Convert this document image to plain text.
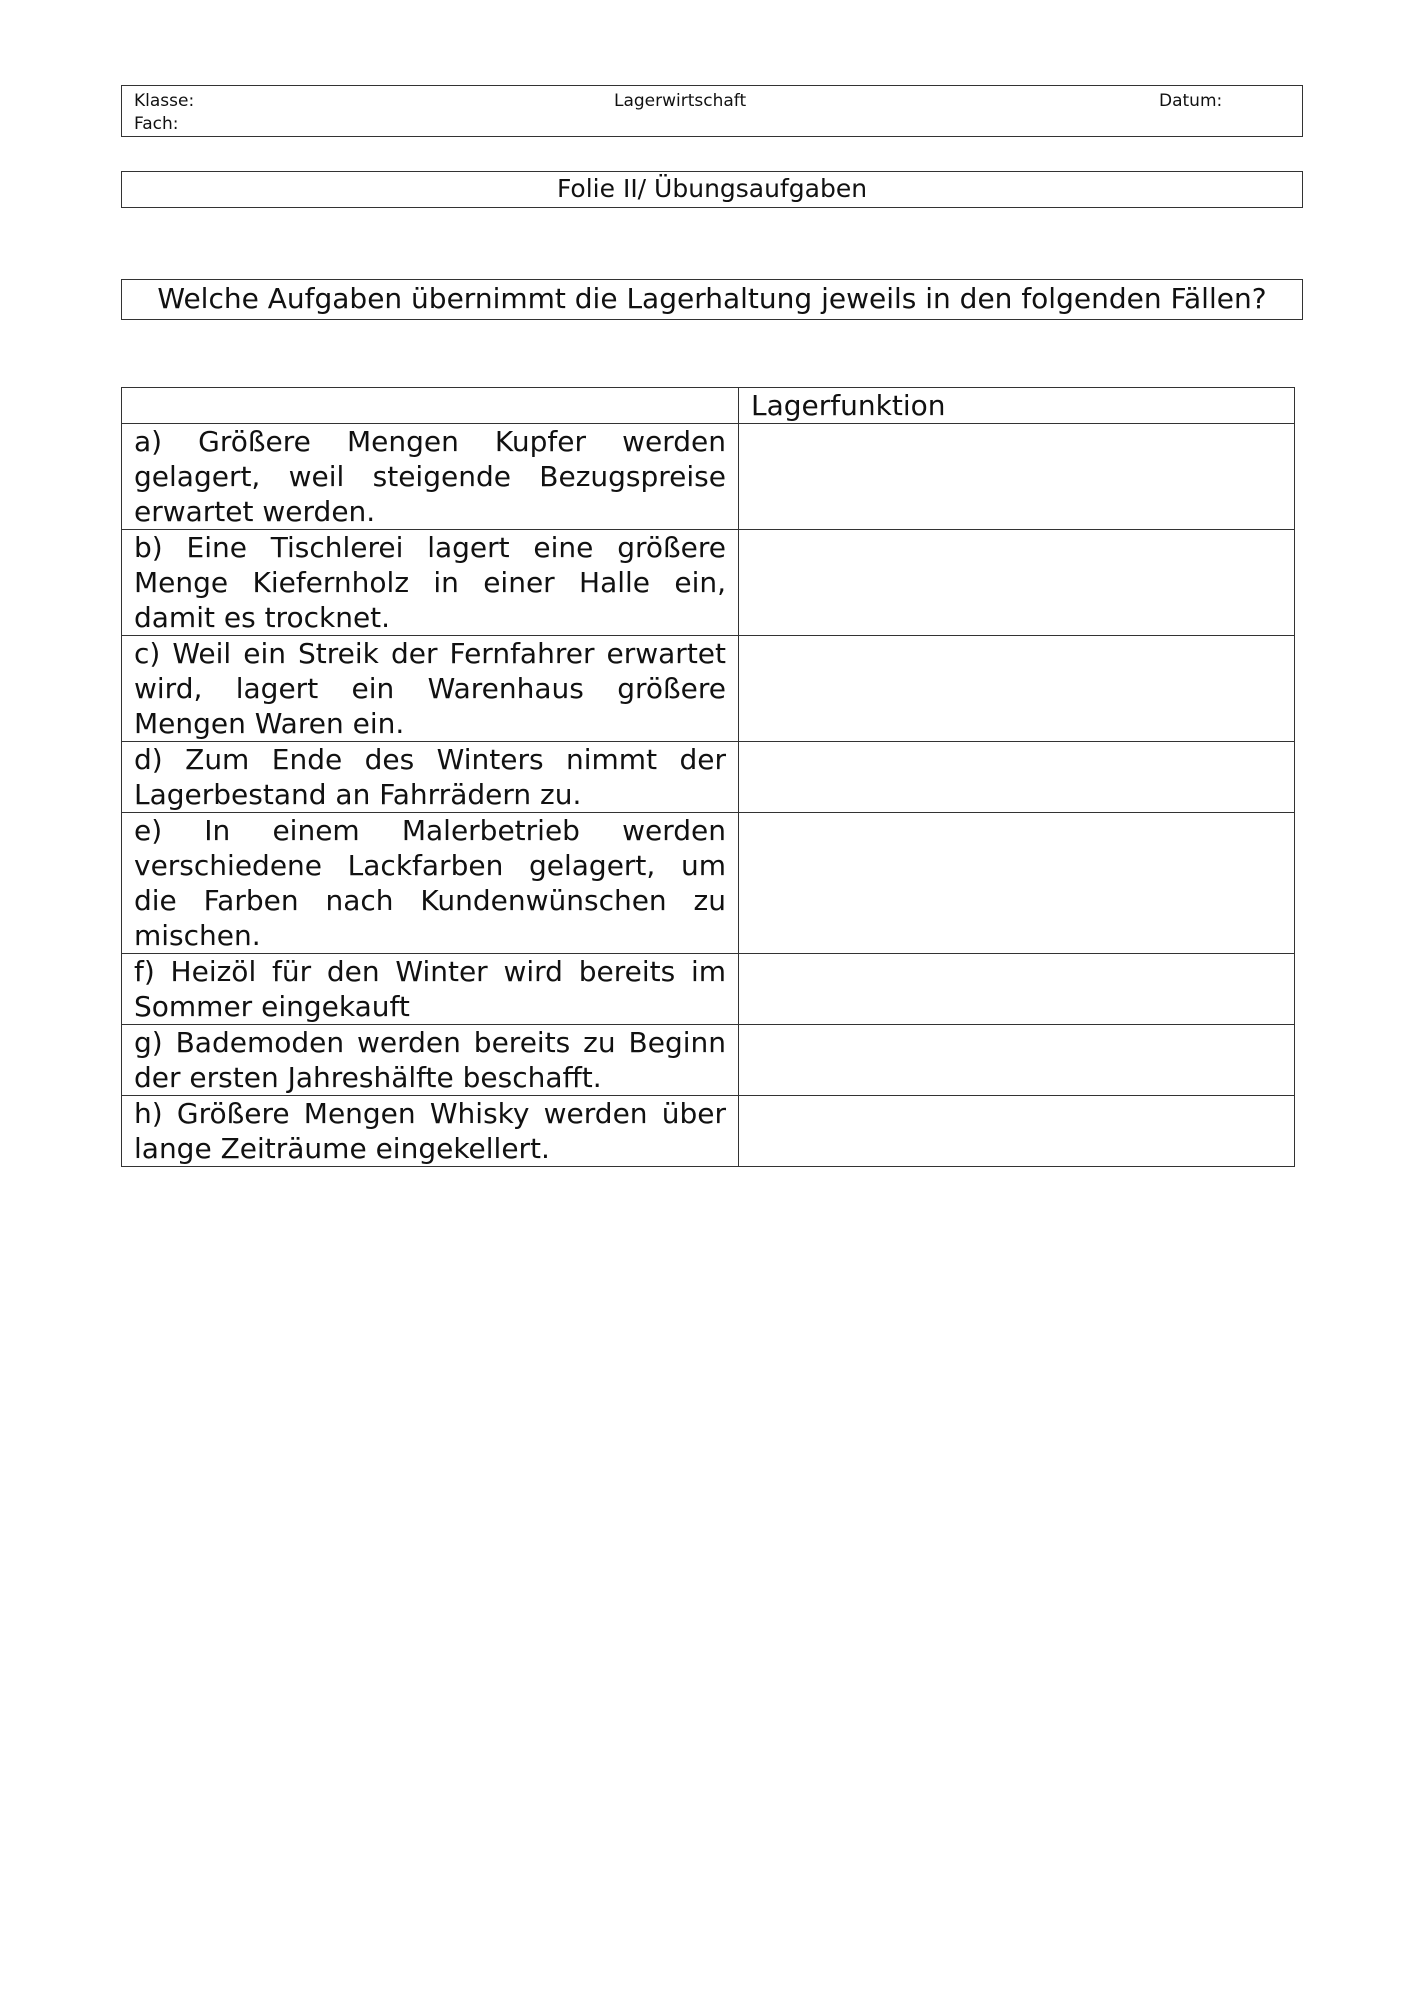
Klasse:
Fach:
Lagerwirtschaft	Datum:
Folie II/ Übungsaufgaben
Welche Aufgaben übernimmt die Lagerhaltung jeweils in den folgenden Fällen?
	Lagerfunktion
a) Größere Mengen Kupfer werden gelagert, weil steigende Bezugspreise erwartet werden.	
b) Eine Tischlerei lagert eine größere Menge Kiefernholz in einer Halle ein, damit es trocknet.	
c) Weil ein Streik der Fernfahrer erwartet wird, lagert ein Warenhaus größere Mengen Waren ein.	
d) Zum Ende des Winters nimmt der Lagerbestand an Fahrrädern zu.	
e) In einem Malerbetrieb werden verschiedene Lackfarben gelagert, um die Farben nach Kundenwünschen zu mischen.	
f) Heizöl für den Winter wird bereits im Sommer eingekauft	
g) Bademoden werden bereits zu Beginn der ersten Jahreshälfte beschafft.	
h) Größere Mengen Whisky werden über lange Zeiträume eingekellert.	
